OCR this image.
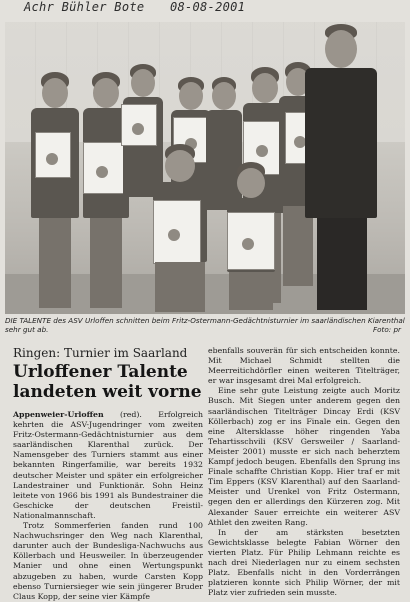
Achr Bühler Bote 08-08-2001
DIE TALENTE des ASV Urloffen schnitten beim Fritz-Ostermann-Gedächtnisturnier im saarländischen Kiarenthal sehr gut ab.	Foto: pr
Ringen: Turnier im Saarland
Urloffener Talente landeten weit vorne

Appenweier-Urloffen (red). Erfolgreich kehrten die ASV-Jugendringer vom zweiten Fritz-Ostermann-Gedächtnisturnier aus dem saarländischen Klarenthal zurück. Der Namensgeber des Turniers stammt aus einer bekannten Ringerfamilie, war bereits 1932 deutscher Meister und später ein erfolgreicher Landestrainer und Funktionär. Sohn Heinz leitete von 1966 bis 1991 als Bundestrainer die Geschicke der deutschen Freistil-Nationalmannschaft.

Trotz Sommerferien fanden rund 100 Nachwuchsringer den Weg nach Klarenthal, darunter auch der Bundesliga-Nachwuchs aus Köllerbach und Heusweiler. In überzeugender Manier und ohne einen Wertungspunkt abzugeben zu haben, wurde Carsten Kopp ebenso Turniersieger wie sein jüngerer Bruder Claus Kopp, der seine vier Kämpfe

ebenfalls souverän für sich entscheiden konnte. Mit Michael Schmidt stellten die Meerreitichdörfler einen weiteren Titelträger, er war insgesamt drei Mal erfolgreich.

Eine sehr gute Leistung zeigte auch Moritz Busch. Mit Siegen unter anderem gegen den saarländischen Titelträger Dincay Erdi (KSV Köllerbach) zog er ins Finale ein. Gegen den eine Altersklasse höher ringenden Yaba Tehartisschvili (KSV Gersweiler / Saarland-Meister 2001) musste er sich nach beherztem Kampf jedoch beugen. Ebenfalls den Sprung ins Finale schaffte Christian Kopp. Hier traf er mit Tim Eppers (KSV Klarenthal) auf den Saarland-Meister und Urenkel von Fritz Ostermann, gegen den er allerdings den Kürzeren zog. Mit Alexander Sauer erreichte ein weiterer ASV Athlet den zweiten Rang.

In der am stärksten besetzten Gewichtsklasse belegte Fabian Wörner den vierten Platz. Für Philip Lehmann reichte es nach drei Niederlagen nur zu einem sechsten Platz. Ebenfalls nicht in den Vorderrängen platzieren konnte sich Philip Wörner, der mit Platz vier zufrieden sein musste.
